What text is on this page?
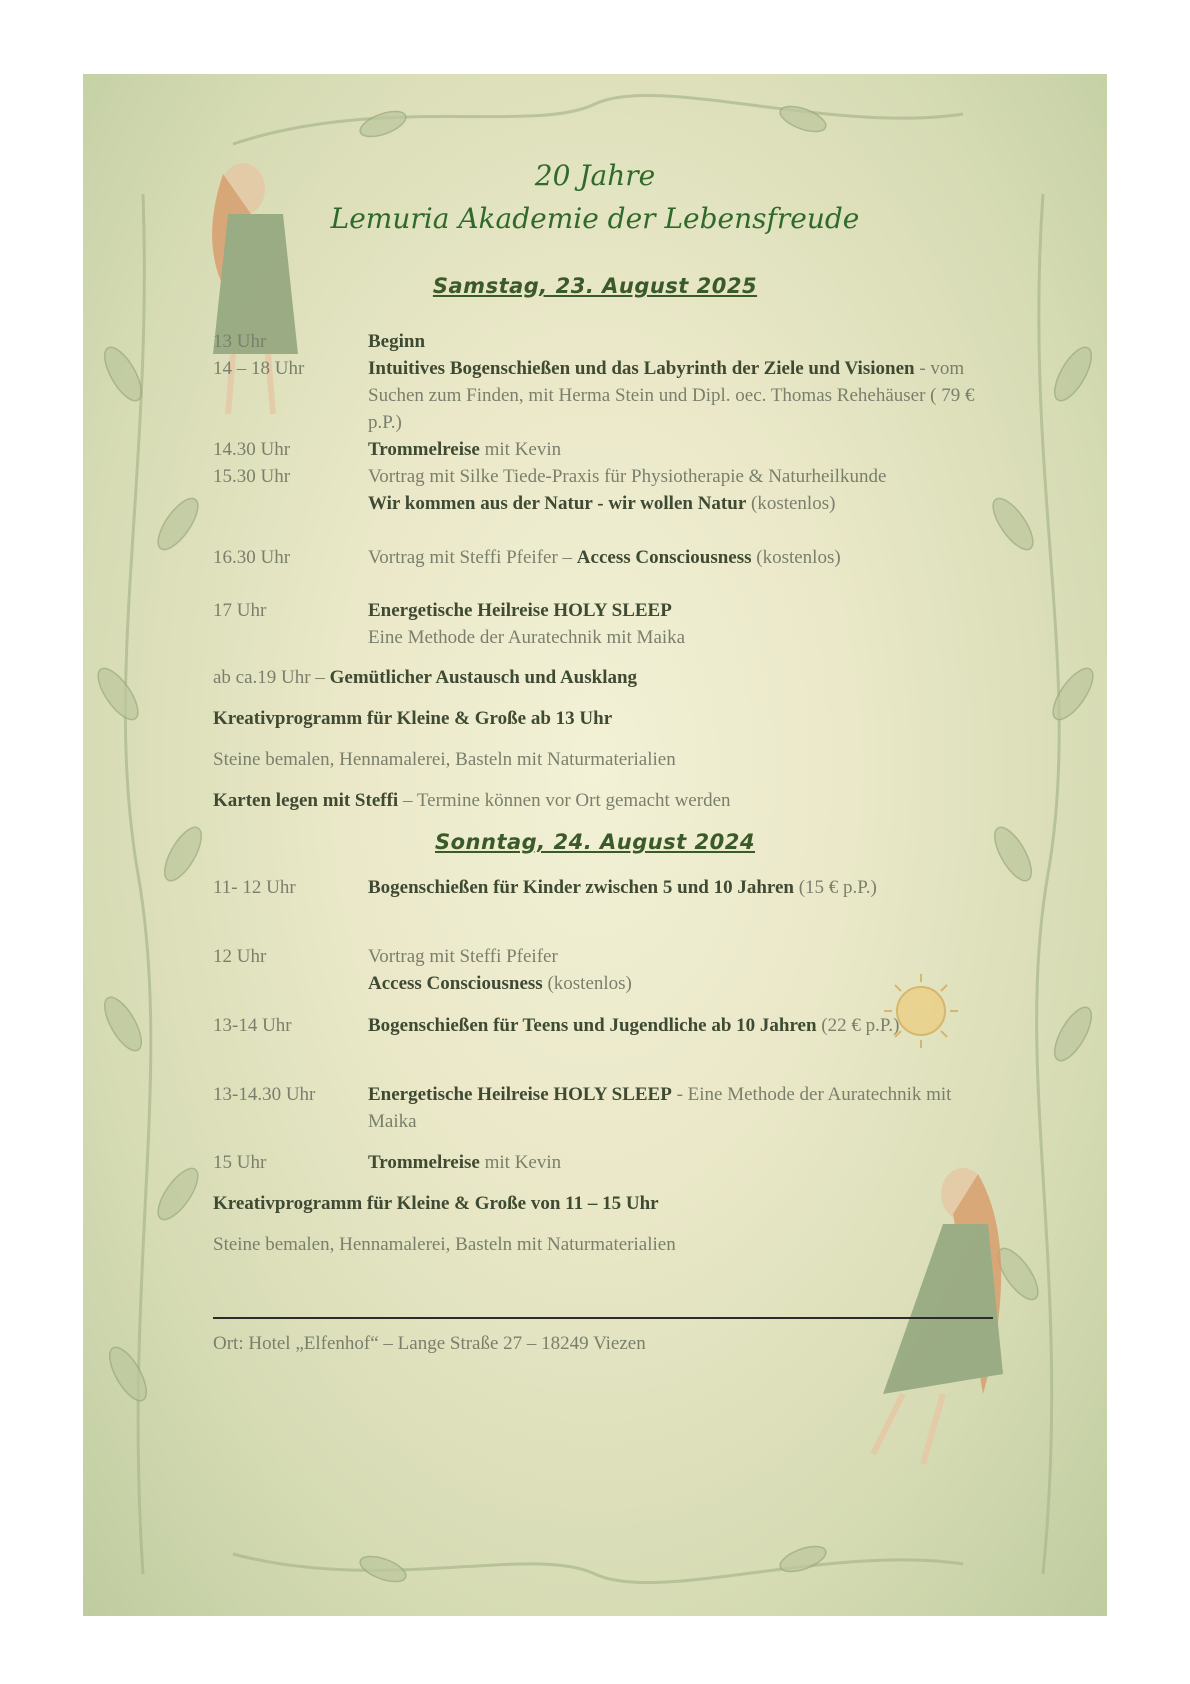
20 Jahre
Lemuria Akademie der Lebensfreude
Samstag, 23. August 2025
13 Uhr	Beginn
14 – 18 Uhr	Intuitives Bogenschießen und das Labyrinth der Ziele und Visionen - vom Suchen zum Finden, mit Herma Stein und Dipl. oec. Thomas Rehehäuser ( 79 € p.P.)
14.30 Uhr	Trommelreise mit Kevin
15.30 Uhr	Vortrag mit Silke Tiede-Praxis für Physiotherapie & Naturheilkunde
Wir kommen aus der Natur - wir wollen Natur (kostenlos)
16.30 Uhr	Vortrag mit Steffi Pfeifer – Access Consciousness (kostenlos)
17 Uhr	Energetische Heilreise HOLY SLEEP
Eine Methode der Auratechnik mit Maika
ab ca.19 Uhr – Gemütlicher Austausch und Ausklang
Kreativprogramm für Kleine & Große ab 13 Uhr
Steine bemalen, Hennamalerei, Basteln mit Naturmaterialien
Karten legen mit Steffi – Termine können vor Ort gemacht werden
Sonntag, 24. August 2024
11- 12 Uhr	Bogenschießen für Kinder zwischen 5 und 10 Jahren (15 € p.P.)
12 Uhr	Vortrag mit Steffi Pfeifer
Access Consciousness (kostenlos)
13-14 Uhr	Bogenschießen für Teens und Jugendliche ab 10 Jahren (22 € p.P.)
13-14.30 Uhr	Energetische Heilreise HOLY SLEEP - Eine Methode der Auratechnik mit Maika
15 Uhr	Trommelreise mit Kevin
Kreativprogramm für Kleine & Große von 11 – 15 Uhr
Steine bemalen, Hennamalerei, Basteln mit Naturmaterialien
Ort: Hotel „Elfenhof“ – Lange Straße 27 – 18249 Viezen
